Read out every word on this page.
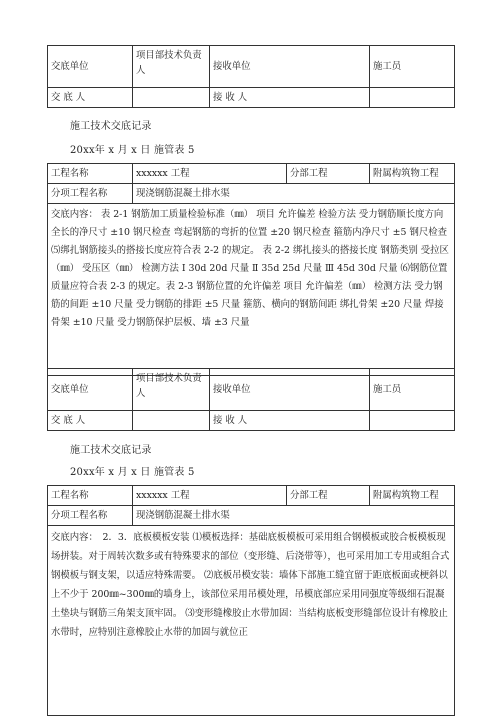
交底单位	项目部技术负责人	接收单位	施工员
交 底 人		接 收 人	
施工技术交底记录
20xx年 x 月 x 日 施管表 5
工程名称	xxxxxx 工程	分部工程	附属构筑物工程
分项工程名称	现浇钢筋混凝土排水渠		
交底内容： 表 2-1 钢筋加工质量检验标准（㎜） 项目 允许偏差 检验方法 受力钢筋顺长度方向全长的净尺寸 ±10 钢尺检查 弯起钢筋的弯折的位置 ±20 钢尺检查 箍筋内净尺寸 ±5 钢尺检查 ⑸绑扎钢筋接头的搭接长度应符合表 2-2 的规定。 表 2-2 绑扎接头的搭接长度 钢筋类别 受拉区（㎜） 受压区（㎜） 检测方法 Ⅰ 30d 20d 尺量 Ⅱ 35d 25d 尺量 Ⅲ 45d 30d 尺量 ⑹钢筋位置质量应符合表 2-3 的规定。表 2-3 钢筋位置的允许偏差 项目 允许偏差（㎜） 检测方法 受力钢筋的间距 ±10 尺量 受力钢筋的排距 ±5 尺量 箍筋、横向的钢筋间距 绑扎骨架 ±20 尺量 焊接骨架 ±10 尺量 受力钢筋保护层板、墙 ±3 尺量			
交底单位	项目部技术负责人	接收单位	施工员
交 底 人		接 收 人	
施工技术交底记录
20xx年 x 月 x 日 施管表 5
工程名称	xxxxxx 工程	分部工程	附属构筑物工程
分项工程名称	现浇钢筋混凝土排水渠		
交底内容：　2．3．底板模板安装 ⑴模板选择：基础底板模板可采用组合钢模板或胶合板模板现场拼装。对于周转次数多或有特殊要求的部位（变形缝、后浇带等），也可采用加工专用或组合式钢模板与钢支架，以适应特殊需要。 ⑵底板吊模安装：墙体下部施工缝宜留于距底板面或梗斜以上不少于 200㎜~300㎜的墙身上，该部位采用吊模处理，吊模底部应采用同强度等级细石混凝土垫块与钢筋三角架支顶牢固。 ⑶变形缝橡胶止水带加固：当结构底板变形缝部位设计有橡胶止水带时，应特别注意橡胶止水带的加固与就位正			
